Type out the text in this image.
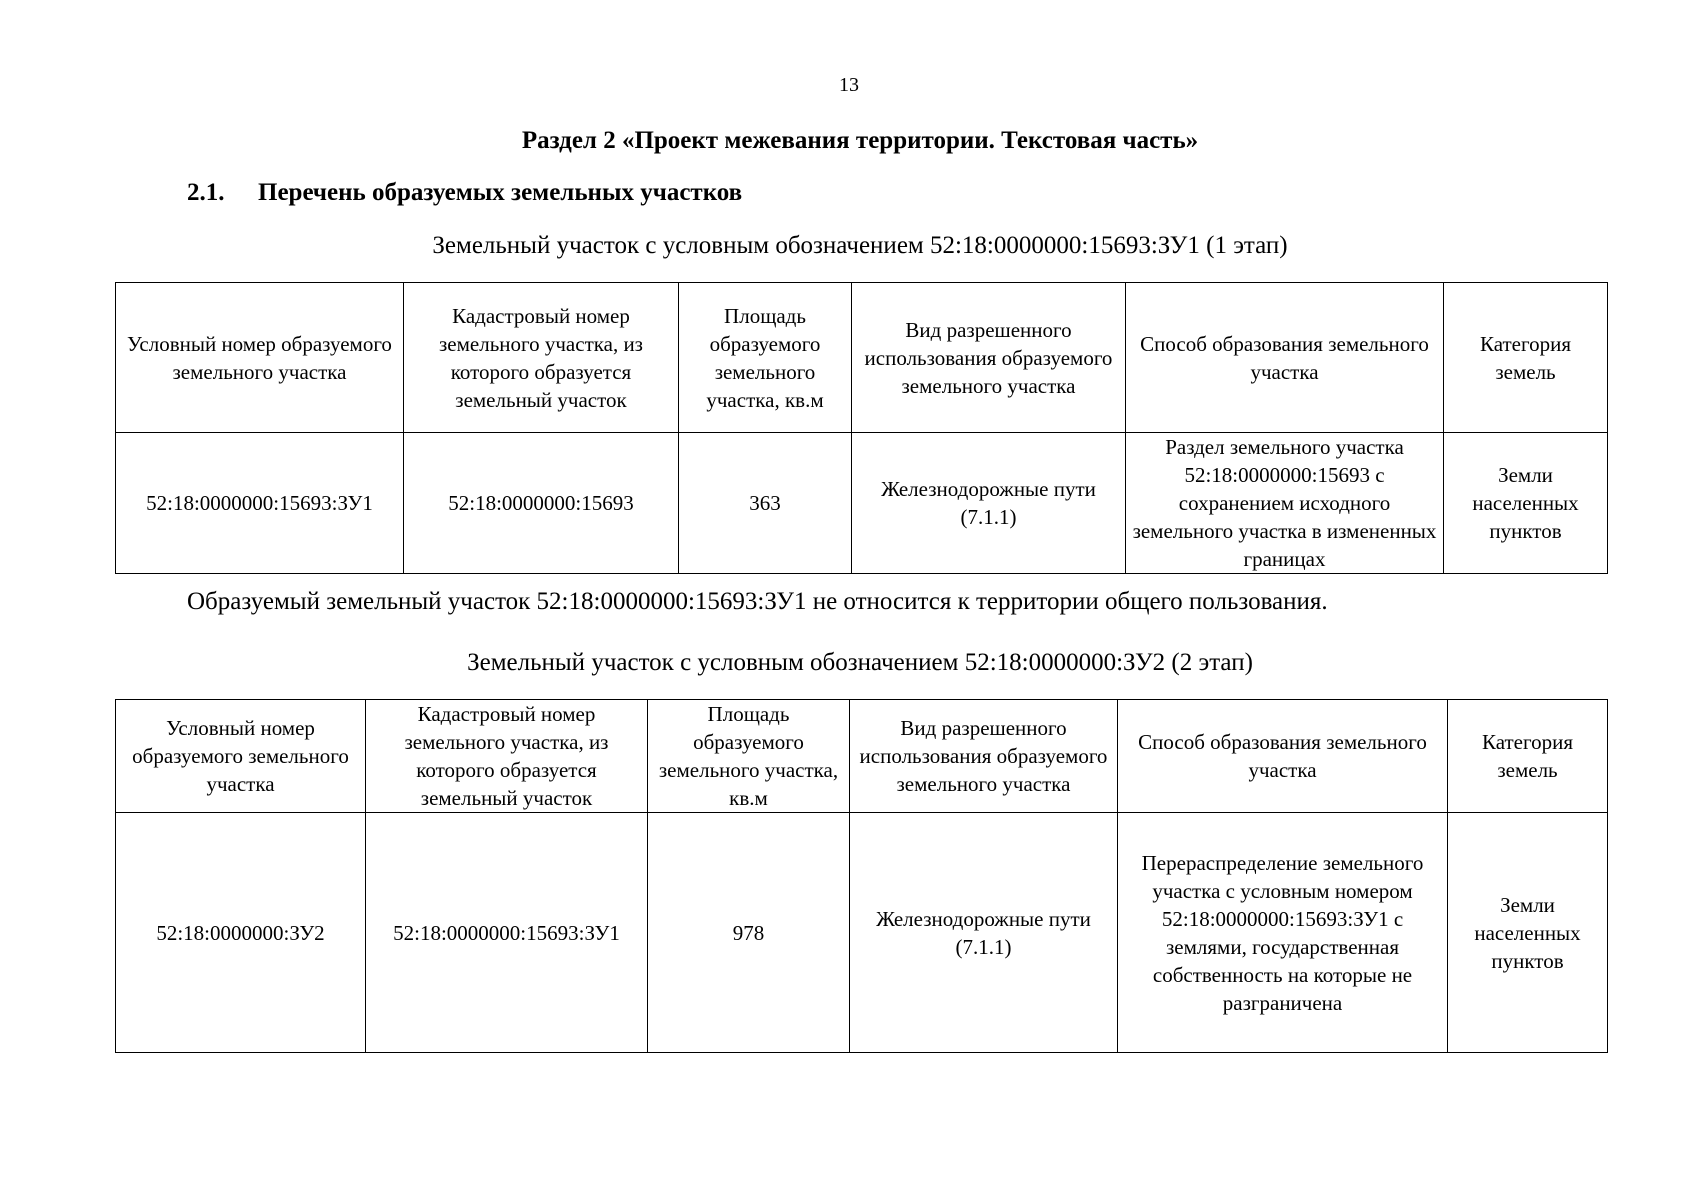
13
Раздел 2 «Проект межевания территории. Текстовая часть»
2.1. Перечень образуемых земельных участков
Земельный участок с условным обозначением 52:18:0000000:15693:ЗУ1 (1 этап)
Условный номер образуемого земельного участка	Кадастровый номер земельного участка, из которого образуется земельный участок	Площадь образуемого земельного участка, кв.м	Вид разрешенного использования образуемого земельного участка	Способ образования земельного участка	Категория земель
52:18:0000000:15693:ЗУ1	52:18:0000000:15693	363	Железнодорожные пути (7.1.1)	Раздел земельного участка 52:18:0000000:15693 с сохранением исходного земельного участка в измененных границах	Земли населенных пунктов
Образуемый земельный участок 52:18:0000000:15693:ЗУ1 не относится к территории общего пользования.
Земельный участок с условным обозначением 52:18:0000000:ЗУ2 (2 этап)
Условный номер образуемого земельного участка	Кадастровый номер земельного участка, из которого образуется земельный участок	Площадь образуемого земельного участка, кв.м	Вид разрешенного использования образуемого земельного участка	Способ образования земельного участка	Категория земель
52:18:0000000:ЗУ2	52:18:0000000:15693:ЗУ1	978	Железнодорожные пути (7.1.1)	Перераспределение земельного участка с условным номером 52:18:0000000:15693:ЗУ1 с землями, государственная собственность на которые не разграничена	Земли населенных пунктов
